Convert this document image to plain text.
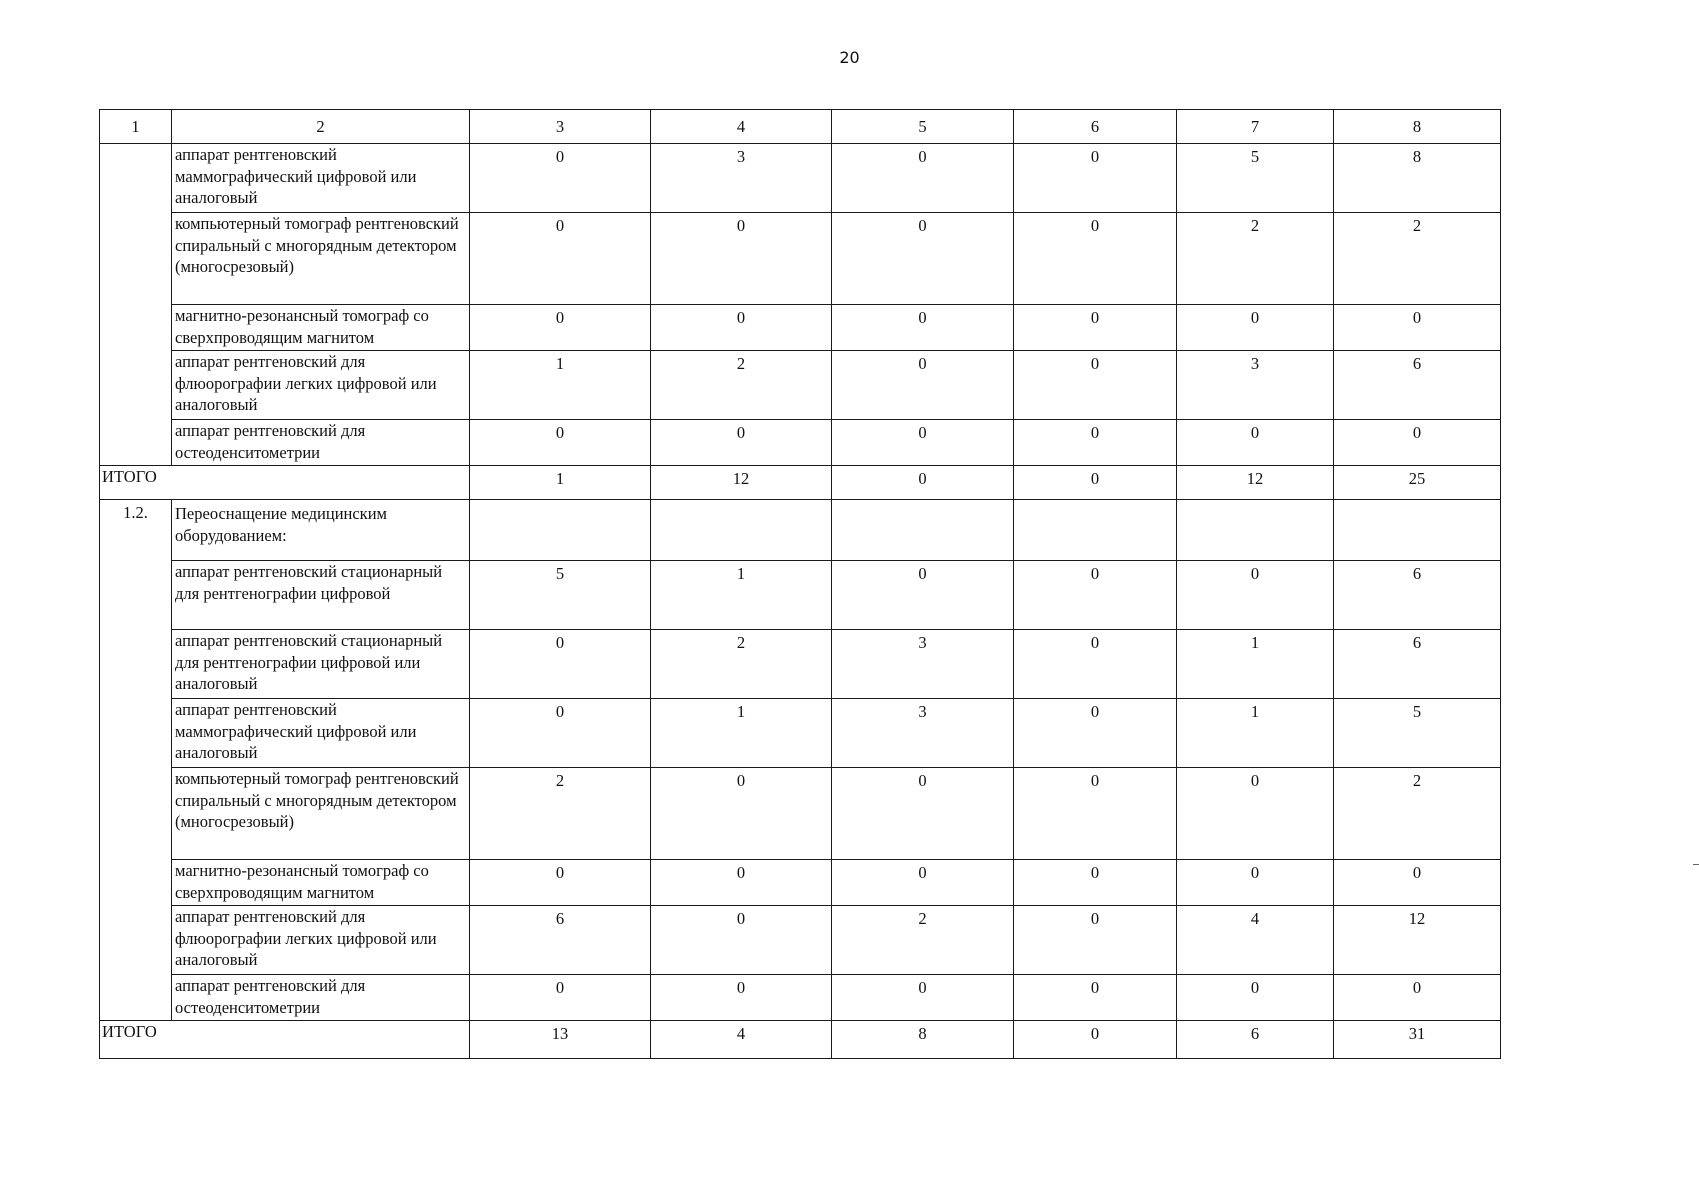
20
1	2	3	4	5	6	7	8
	аппарат рентгеновский маммографический цифровой или аналоговый	0	3	0	0	5	8
	компьютерный томограф рентгеновский спиральный с многорядным детектором (многосрезовый)	0	0	0	0	2	2
	магнитно-резонансный томограф со сверхпроводящим магнитом	0	0	0	0	0	0
	аппарат рентгеновский для флюорографии легких цифровой или аналоговый	1	2	0	0	3	6
	аппарат рентгеновский для остеоденситометрии	0	0	0	0	0	0
ИТОГО		1	12	0	0	12	25
1.2.	Переоснащение медицинским оборудованием:						
	аппарат рентгеновский стационарный для рентгенографии цифровой	5	1	0	0	0	6
	аппарат рентгеновский стационарный для рентгенографии цифровой или аналоговый	0	2	3	0	1	6
	аппарат рентгеновский маммографический цифровой или аналоговый	0	1	3	0	1	5
	компьютерный томограф рентгеновский спиральный с многорядным детектором (многосрезовый)	2	0	0	0	0	2
	магнитно-резонансный томограф со сверхпроводящим магнитом	0	0	0	0	0	0
	аппарат рентгеновский для флюорографии легких цифровой или аналоговый	6	0	2	0	4	12
	аппарат рентгеновский для остеоденситометрии	0	0	0	0	0	0
ИТОГО		13	4	8	0	6	31
